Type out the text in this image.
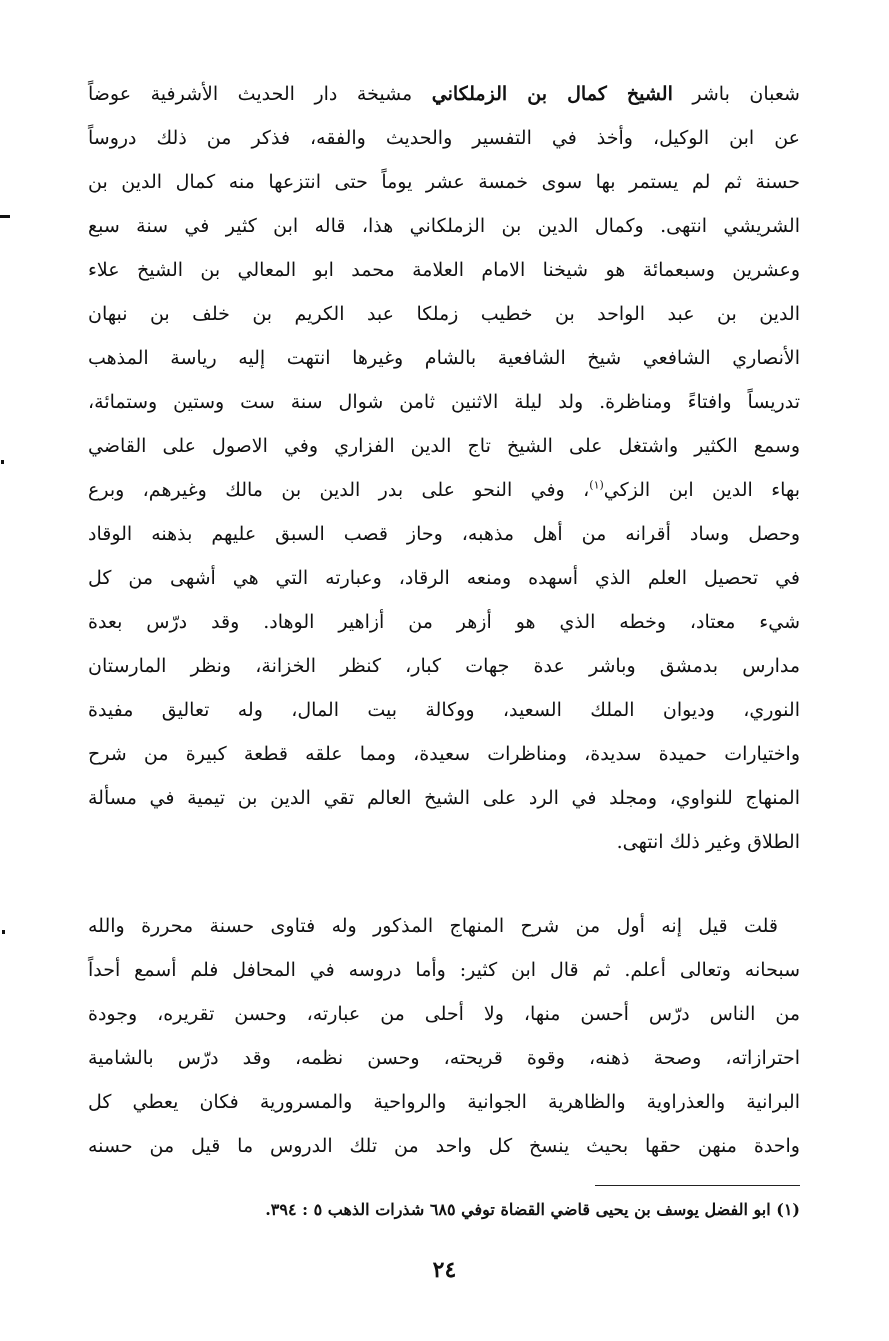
شعبان باشر الشيخ كمال بن الزملكاني مشيخة دار الحديث الأشرفية عوضاً
عن ابن الوكيل، وأخذ في التفسير والحديث والفقه، فذكر من ذلك دروساً
حسنة ثم لم يستمر بها سوى خمسة عشر يوماً حتى انتزعها منه كمال الدين بن
الشريشي انتهى. وكمال الدين بن الزملكاني هذا، قاله ابن كثير في سنة سبع
وعشرين وسبعمائة هو شيخنا الامام العلامة محمد ابو المعالي بن الشيخ علاء
الدين بن عبد الواحد بن خطيب زملكا عبد الكريم بن خلف بن نبهان
الأنصاري الشافعي شيخ الشافعية بالشام وغيرها انتهت إليه رياسة المذهب
تدريساً وافتاءً ومناظرة. ولد ليلة الاثنين ثامن شوال سنة ست وستين وستمائة،
وسمع الكثير واشتغل على الشيخ تاج الدين الفزاري وفي الاصول على القاضي
بهاء الدين ابن الزكي$^{(١)}$، وفي النحو على بدر الدين بن مالك وغيرهم، وبرع
وحصل وساد أقرانه من أهل مذهبه، وحاز قصب السبق عليهم بذهنه الوقاد
في تحصيل العلم الذي أسهده ومنعه الرقاد، وعبارته التي هي أشهى من كل
شيء معتاد، وخطه الذي هو أزهر من أزاهير الوهاد. وقد درّس بعدة
مدارس بدمشق وباشر عدة جهات كبار، كنظر الخزانة، ونظر المارستان
النوري، وديوان الملك السعيد، ووكالة بيت المال، وله تعاليق مفيدة
واختيارات حميدة سديدة، ومناظرات سعيدة، ومما علقه قطعة كبيرة من شرح
المنهاج للنواوي، ومجلد في الرد على الشيخ العالم تقي الدين بن تيمية في مسألة
الطلاق وغير ذلك انتهى.
قلت قيل إنه أول من شرح المنهاج المذكور وله فتاوى حسنة محررة والله
سبحانه وتعالى أعلم. ثم قال ابن كثير: وأما دروسه في المحافل فلم أسمع أحداً
من الناس درّس أحسن منها، ولا أحلى من عبارته، وحسن تقريره، وجودة
احترازاته، وصحة ذهنه، وقوة قريحته، وحسن نظمه، وقد درّس بالشامية
البرانية والعذراوية والظاهرية الجوانية والرواحية والمسرورية فكان يعطي كل
واحدة منهن حقها بحيث ينسخ كل واحد من تلك الدروس ما قيل من حسنه
(١) ابو الفضل يوسف بن يحيى قاضي القضاة توفي ٦٨٥ شذرات الذهب ٥ : ٣٩٤.
٢٤
